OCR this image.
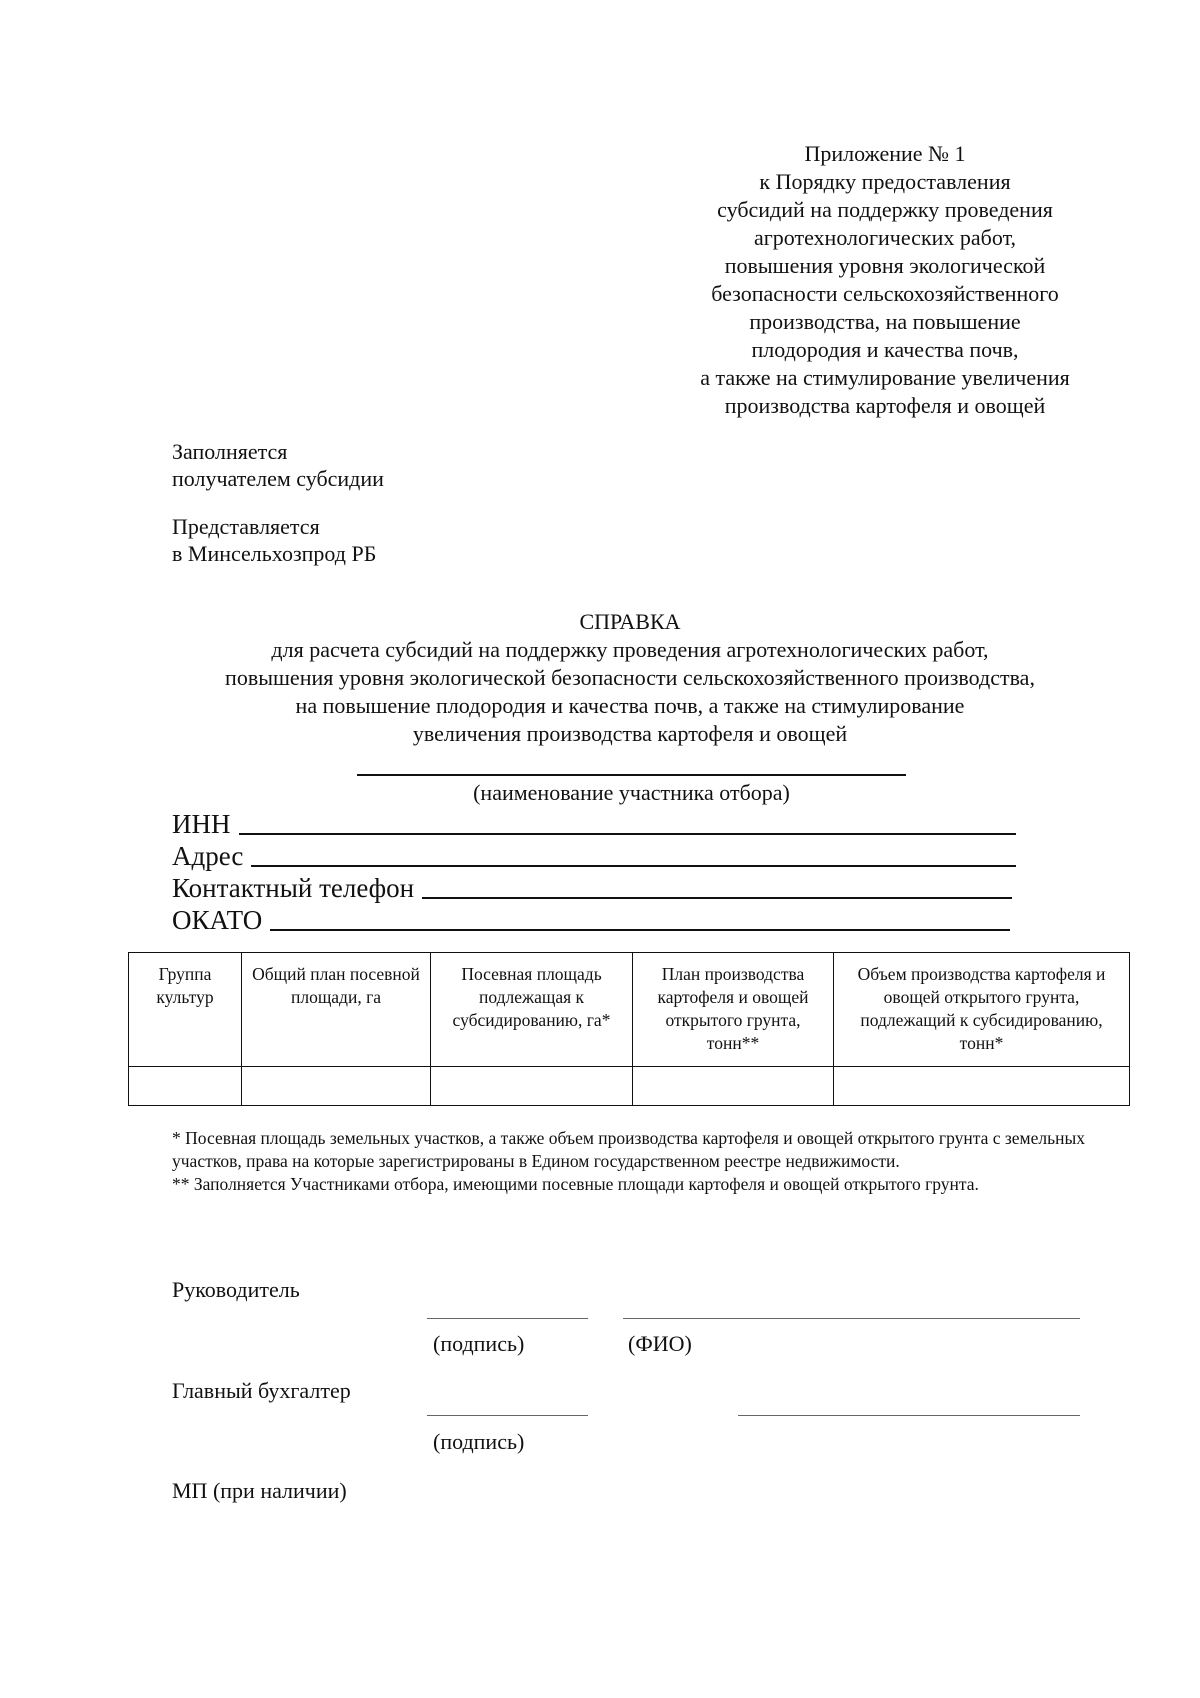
Приложение № 1
к Порядку предоставления
субсидий на поддержку проведения
агротехнологических работ,
повышения уровня экологической
безопасности сельскохозяйственного
производства, на повышение
плодородия и качества почв,
а также на стимулирование увеличения
производства картофеля и овощей
Заполняется
получателем субсидии
Представляется
в Минсельхозпрод РБ
СПРАВКА
для расчета субсидий на поддержку проведения агротехнологических работ,
повышения уровня экологической безопасности сельскохозяйственного производства,
на повышение плодородия и качества почв, а также на стимулирование
увеличения производства картофеля и овощей
(наименование участника отбора)
ИНН
Адрес
Контактный телефон
ОКАТО
Группа культур	Общий план посевной площади, га	Посевная площадь подлежащая к субсидированию, га*	План производства картофеля и овощей открытого грунта, тонн**	Объем производства картофеля и овощей открытого грунта, подлежащий к субсидированию, тонн*

* Посевная площадь земельных участков, а также объем производства картофеля и овощей открытого грунта с земельных участков, права на которые зарегистрированы в Едином государственном реестре недвижимости.

** Заполняется Участниками отбора, имеющими посевные площади картофеля и овощей открытого грунта.

Руководитель
(подпись)	(ФИО)
Главный бухгалтер
(подпись)
МП (при наличии)
